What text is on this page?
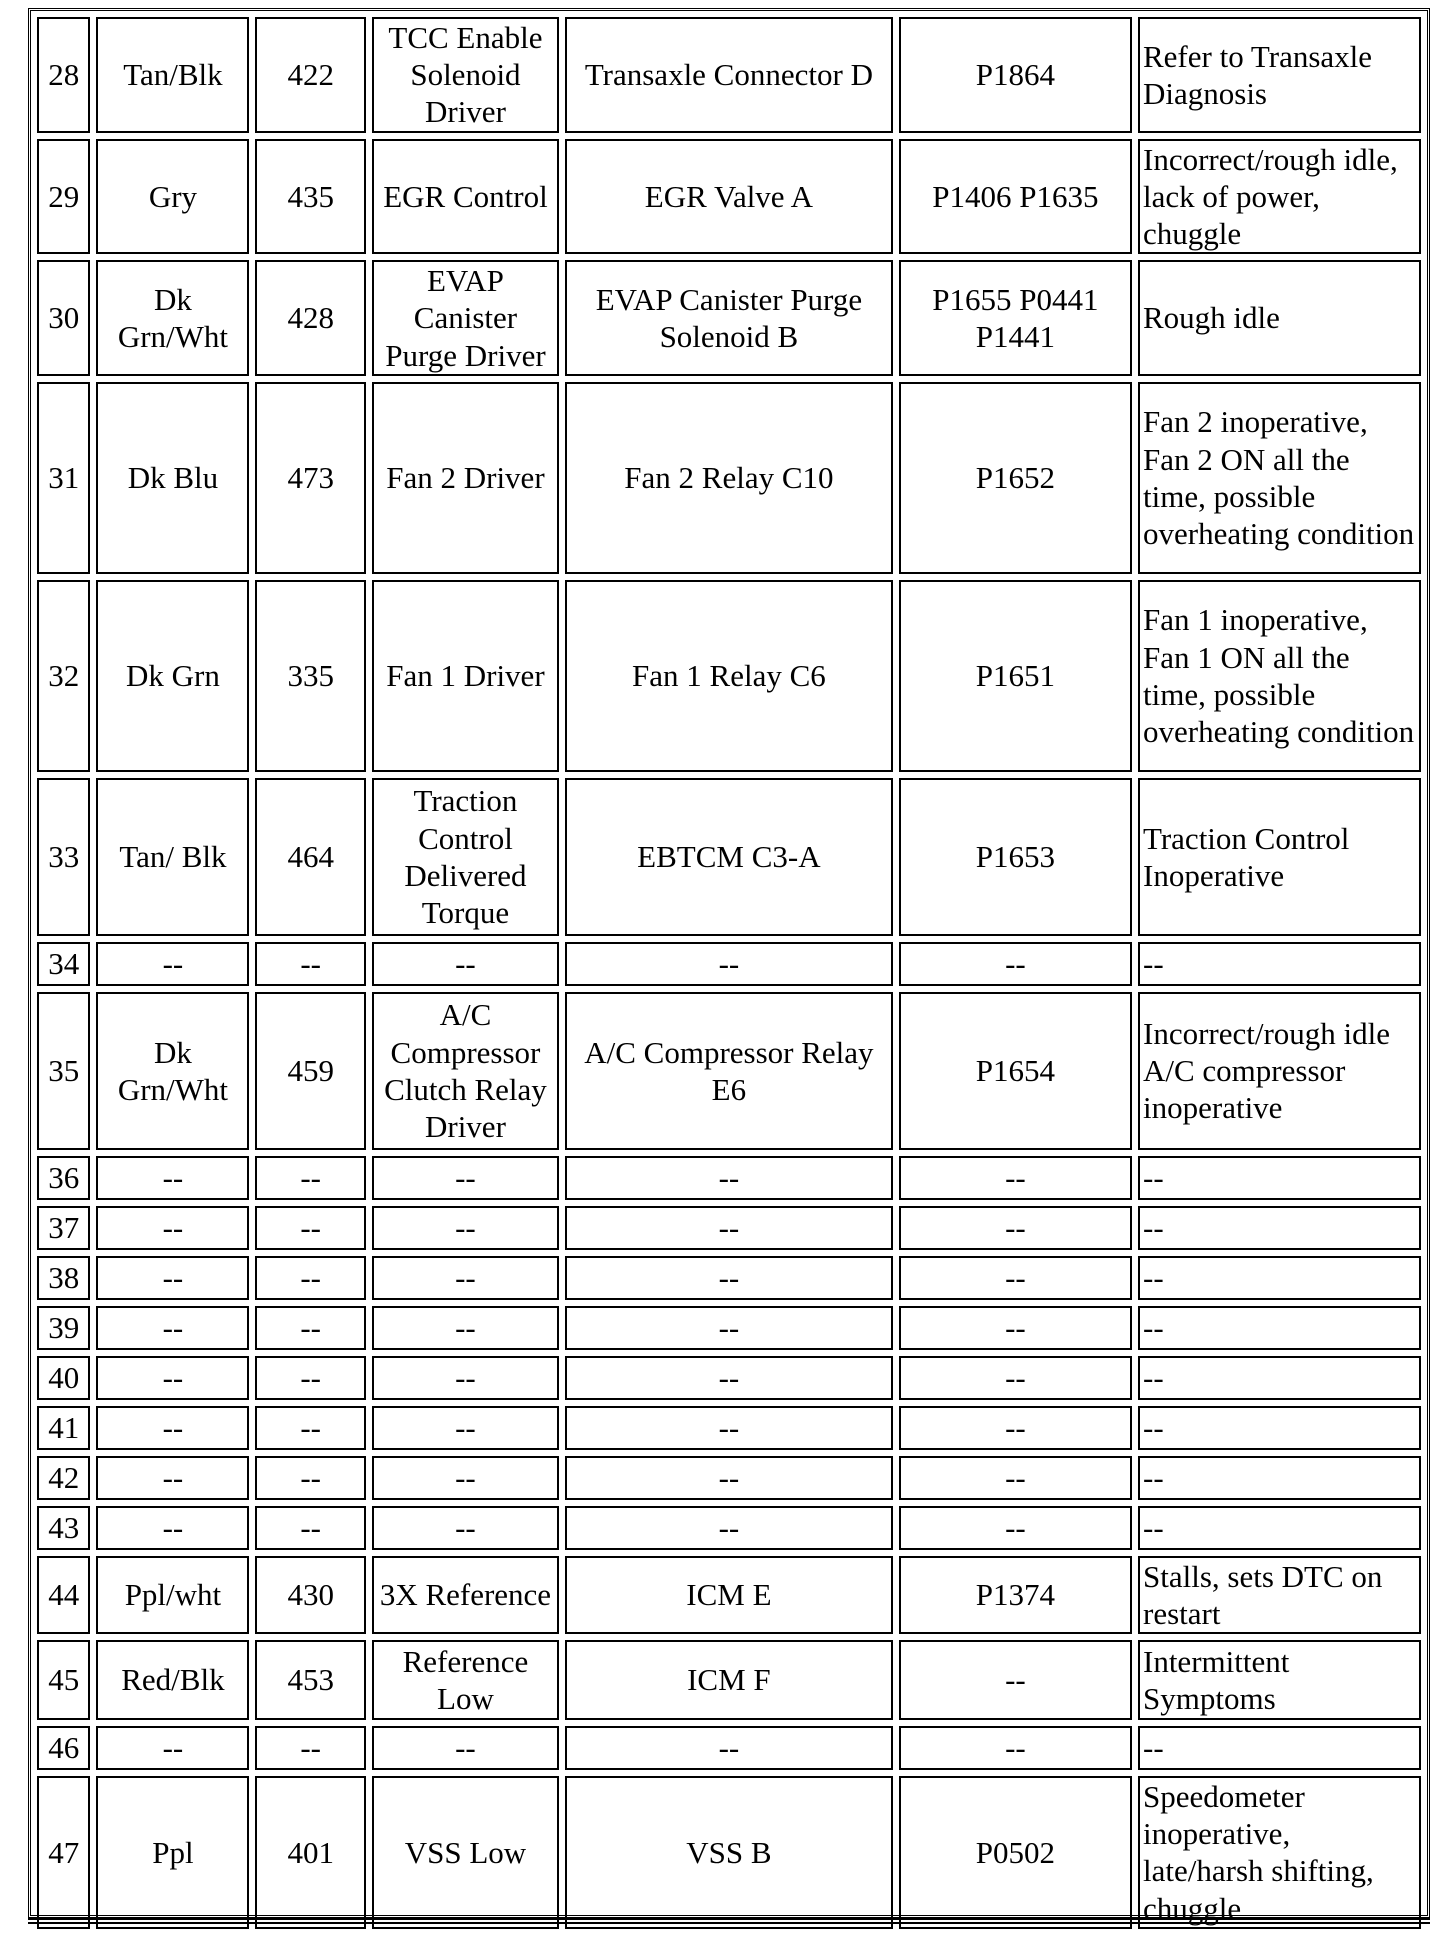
28	Tan/Blk	422	TCC Enable Solenoid Driver	Transaxle Connector D	P1864	Refer to Transaxle Diagnosis
29	Gry	435	EGR Control	EGR Valve A	P1406 P1635	Incorrect/rough idle, lack of power, chuggle
30	Dk Grn/Wht	428	EVAP Canister Purge Driver	EVAP Canister Purge Solenoid B	P1655 P0441 P1441	Rough idle
31	Dk Blu	473	Fan 2 Driver	Fan 2 Relay C10	P1652	Fan 2 inoperative, Fan 2 ON all the time, possible overheating condition
32	Dk Grn	335	Fan 1 Driver	Fan 1 Relay C6	P1651	Fan 1 inoperative, Fan 1 ON all the time, possible overheating condition
33	Tan/ Blk	464	Traction Control Delivered Torque	EBTCM C3-A	P1653	Traction Control Inoperative
34	--	--	--	--	--	--
35	Dk Grn/Wht	459	A/C Compressor Clutch Relay Driver	A/C Compressor Relay E6	P1654	Incorrect/rough idle A/C compressor inoperative
36	--	--	--	--	--	--
37	--	--	--	--	--	--
38	--	--	--	--	--	--
39	--	--	--	--	--	--
40	--	--	--	--	--	--
41	--	--	--	--	--	--
42	--	--	--	--	--	--
43	--	--	--	--	--	--
44	Ppl/wht	430	3X Reference	ICM E	P1374	Stalls, sets DTC on restart
45	Red/Blk	453	Reference Low	ICM F	--	Intermittent Symptoms
46	--	--	--	--	--	--
47	Ppl	401	VSS Low	VSS B	P0502	Speedometer inoperative, late/harsh shifting, chuggle
